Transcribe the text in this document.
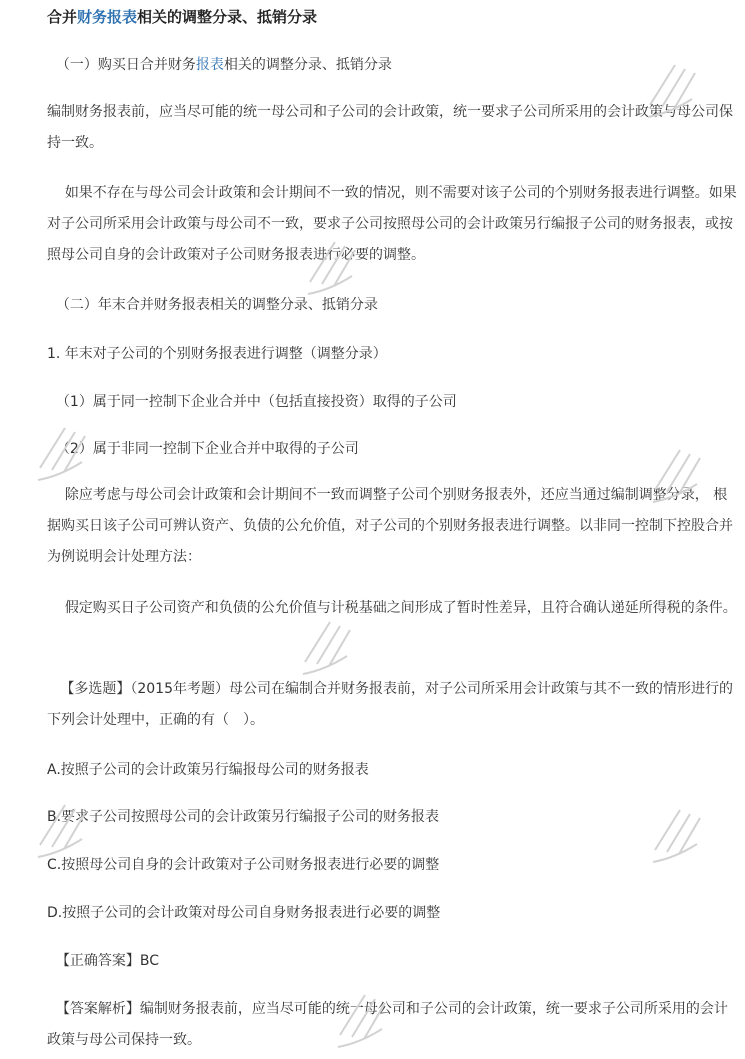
合并财务报表相关的调整分录、抵销分录

（一）购买日合并财务报表相关的调整分录、抵销分录

编制财务报表前，应当尽可能的统一母公司和子公司的会计政策，统一要求子公司所采用的会计政策与母公司保持一致。

如果不存在与母公司会计政策和会计期间不一致的情况，则不需要对该子公司的个别财务报表进行调整。如果对子公司所采用会计政策与母公司不一致，要求子公司按照母公司的会计政策另行编报子公司的财务报表，或按照母公司自身的会计政策对子公司财务报表进行必要的调整。

（二）年末合并财务报表相关的调整分录、抵销分录

1. 年末对子公司的个别财务报表进行调整（调整分录）

（1）属于同一控制下企业合并中（包括直接投资）取得的子公司

（2）属于非同一控制下企业合并中取得的子公司

除应考虑与母公司会计政策和会计期间不一致而调整子公司个别财务报表外，还应当通过编制调整分录， 根据购买日该子公司可辨认资产、负债的公允价值，对子公司的个别财务报表进行调整。以非同一控制下控股合并为例说明会计处理方法：

假定购买日子公司资产和负债的公允价值与计税基础之间形成了暂时性差异，且符合确认递延所得税的条件。

【多选题】（2015年考题）母公司在编制合并财务报表前，对子公司所采用会计政策与其不一致的情形进行的下列会计处理中，正确的有（　）。

A.按照子公司的会计政策另行编报母公司的财务报表

B.要求子公司按照母公司的会计政策另行编报子公司的财务报表

C.按照母公司自身的会计政策对子公司财务报表进行必要的调整

D.按照子公司的会计政策对母公司自身财务报表进行必要的调整

【正确答案】BC

【答案解析】编制财务报表前，应当尽可能的统一母公司和子公司的会计政策，统一要求子公司所采用的会计政策与母公司保持一致。
